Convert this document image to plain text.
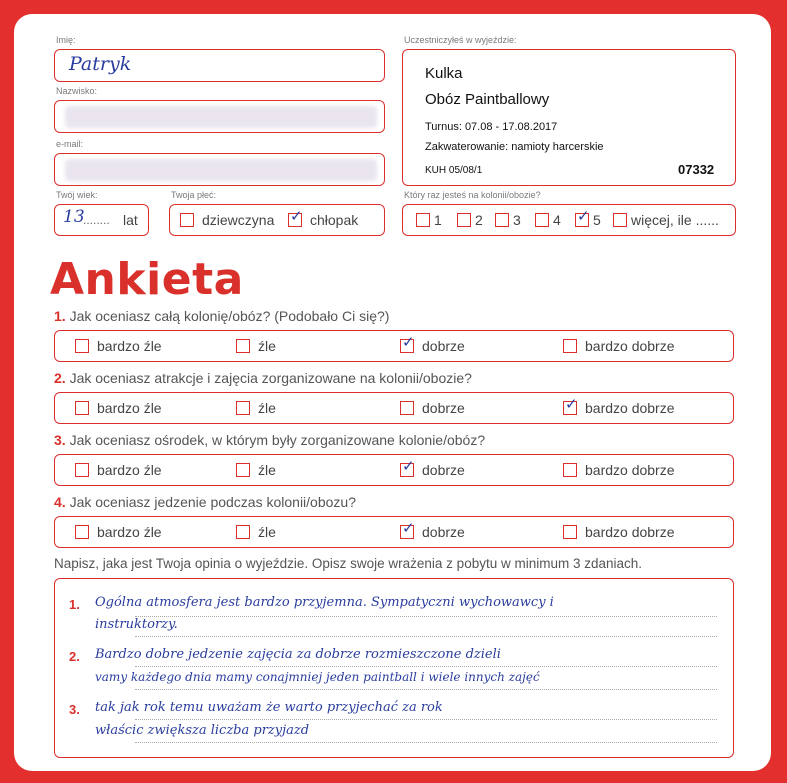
Imię:
Patryk
Nazwisko:
e-mail:
Twój wiek:
13
........ lat
Twoja płeć:
dziewczyna ✓ chłopak
Uczestniczyłeś w wyjeździe:
Kulka
Obóz Paintballowy
Turnus: 07.08 - 17.08.2017
Zakwaterowanie: namioty harcerskie
KUH 05/08/1	07332
Który raz jesteś na kolonii/obozie?
1 2 3 4 ✓ 5 więcej, ile ......
Ankieta
1. Jak oceniasz całą kolonię/obóz? (Podobało Ci się?)
bardzo źle	źle	✓ dobrze	bardzo dobrze
2. Jak oceniasz atrakcje i zajęcia zorganizowane na kolonii/obozie?
bardzo źle	źle	dobrze	✓ bardzo dobrze
3. Jak oceniasz ośrodek, w którym były zorganizowane kolonie/obóz?
bardzo źle	źle	✓ dobrze	bardzo dobrze
4. Jak oceniasz jedzenie podczas kolonii/obozu?
bardzo źle	źle	✓ dobrze	bardzo dobrze
Napisz, jaka jest Twoja opinia o wyjeździe. Opisz swoje wrażenia z pobytu w minimum 3 zdaniach.
1.
2.
3.
Ogólna atmosfera jest bardzo przyjemna. Sympatyczni wychowawcy i
instruktorzy.
Bardzo dobre jedzenie zajęcia za dobrze rozmieszczone dzieli
vamy każdego dnia mamy conajmniej jeden paintball i wiele innych zajęć
tak jak rok temu uważam że warto przyjechać za rok
właścic zwiększa liczba przyjazd
